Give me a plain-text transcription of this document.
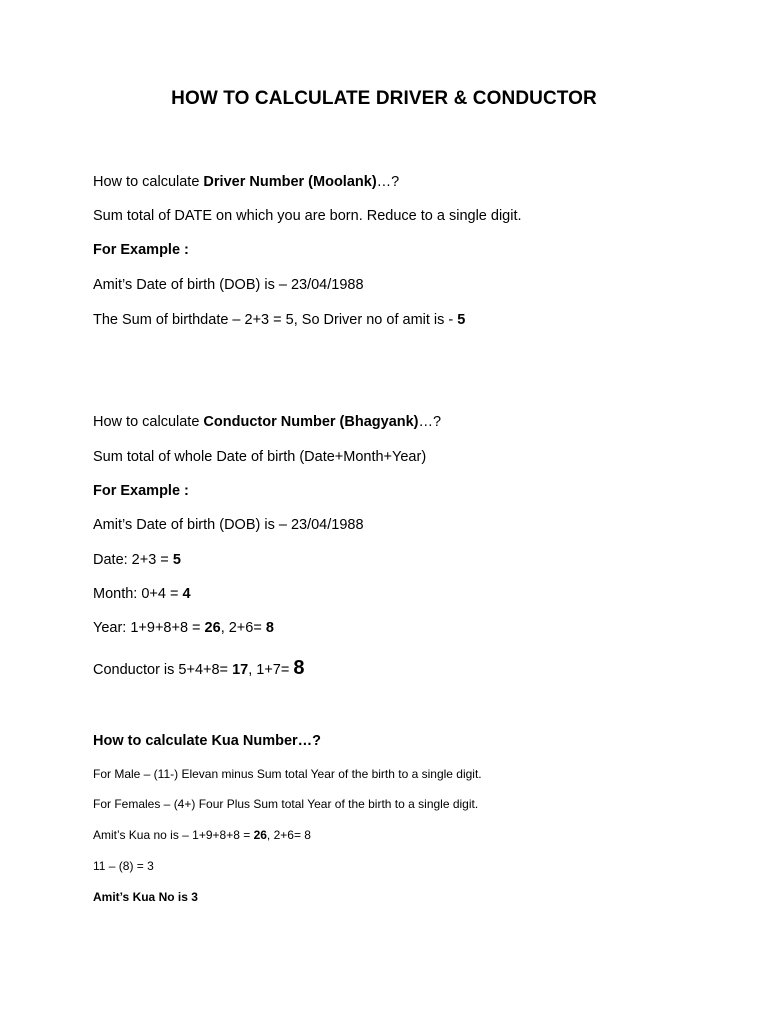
HOW TO CALCULATE DRIVER & CONDUCTOR
How to calculate Driver Number (Moolank)…?
Sum total of DATE on which you are born. Reduce to a single digit.
For Example :
Amit’s Date of birth (DOB) is – 23/04/1988
The Sum of birthdate – 2+3 = 5, So Driver no of amit is - 5
How to calculate Conductor Number (Bhagyank)…?
Sum total of whole Date of birth (Date+Month+Year)
For Example :
Amit’s Date of birth (DOB) is – 23/04/1988
Date: 2+3 = 5
Month: 0+4 = 4
Year: 1+9+8+8 = 26, 2+6= 8
Conductor is 5+4+8= 17, 1+7= 8
How to calculate Kua Number…?
For Male – (11-) Elevan minus Sum total Year of the birth to a single digit.
For Females – (4+) Four Plus Sum total Year of the birth to a single digit.
Amit’s Kua no is – 1+9+8+8 = 26, 2+6= 8
11 – (8) = 3
Amit’s Kua No is 3
